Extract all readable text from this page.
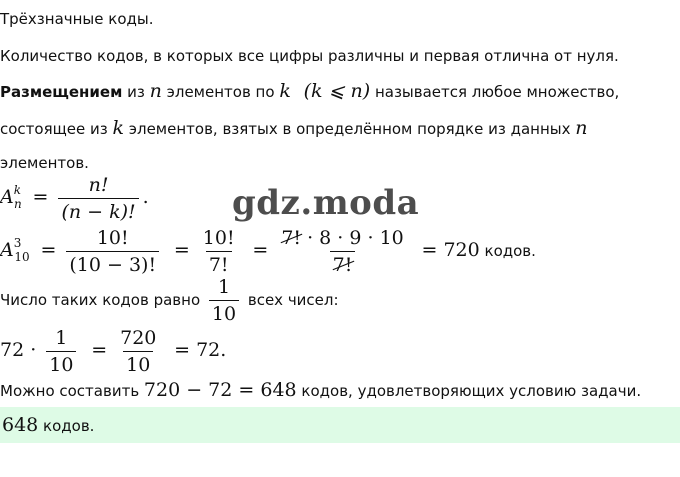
Трёхзначные коды.
Количество кодов, в которых все цифры различны и первая отлична от нуля.
Размещением из n элементов по k (k ⩽ n) называется любое множество,
состоящее из k элементов, взятых в определённом порядке из данных n
элементов.
$A^k_n = \frac{n!}{(n - k)!}$ .
$A^3_{10} = \frac{10!}{(10 - 3)!} = \frac{10!}{7!} = \frac{7! \cdot 8 \cdot 9 \cdot 10}{7!} = 720$ кодов.
Число таких кодов равно $\frac{1}{10}$ всех чисел:
$72 \cdot \frac{1}{10} = \frac{720}{10} = 72$.
Можно составить 720 − 72 = 648 кодов, удовлетворяющих условию задачи.
648 кодов.
gdz.moda
